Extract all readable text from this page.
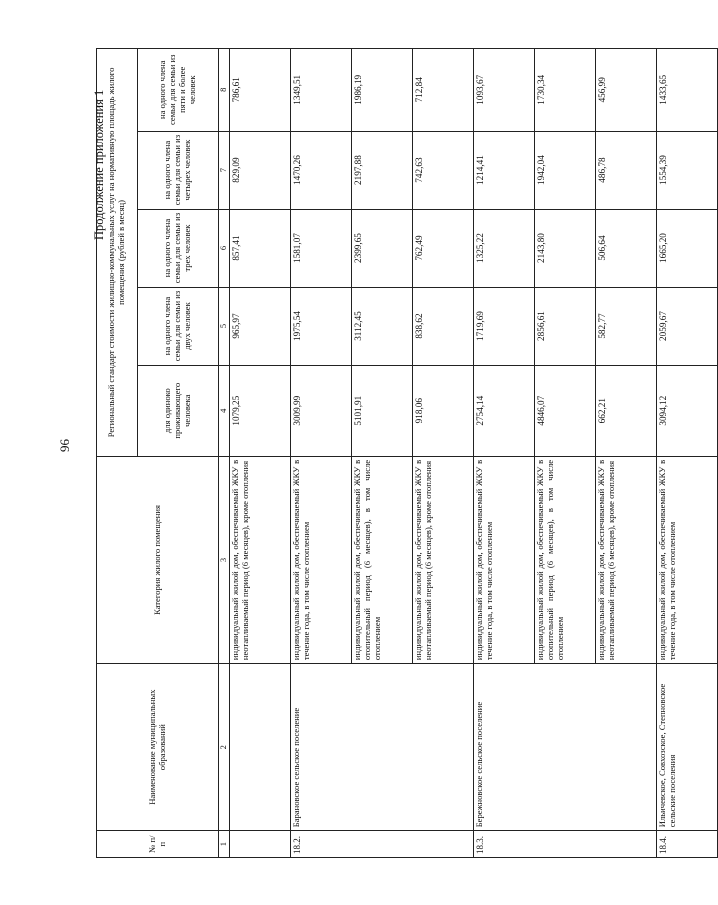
96
Продолжение приложения 1
№ п/п	Наименование муниципальных образований	Категория жилого помещения	Региональный стандарт стоимости жилищно-коммунальных услуг на нормативную площадь жилого помещения (рублей в месяц)				
			для одиноко проживающего человека	на одного члена семьи для семьи из двух человек	на одного члена семьи для семьи из трех человек	на одного члена семьи для семьи из четырех человек	на одного члена семьи для семьи из пяти и более человек
1	2	3	4	5	6	7	8
		индивидуальный жилой дом, обеспечиваемый ЖКУ в неотапливаемый период (6 месяцев), кроме отопления	1079,25	965,97	857,41	829,09	786,61
18.2.	Барановское сельское поселение	индивидуальный жилой дом, обеспечиваемый ЖКУ в течение года, в том числе отоплением	3009,99	1975,54	1581,07	1470,26	1349,51
		индивидуальный жилой дом, обеспечиваемый ЖКУ в отопительный период (6 месяцев), в том числе отоплением	5101,91	3112,45	2399,65	2197,88	1986,19
		индивидуальный жилой дом, обеспечиваемый ЖКУ в неотапливаемый период (6 месяцев), кроме отопления	918,06	838,62	762,49	742,63	712,84
18.3.	Бережновское сельское поселение	индивидуальный жилой дом, обеспечиваемый ЖКУ в течение года, в том числе отоплением	2754,14	1719,69	1325,22	1214,41	1093,67
		индивидуальный жилой дом, обеспечиваемый ЖКУ в отопительный период (6 месяцев), в том числе отоплением	4846,07	2856,61	2143,80	1942,04	1730,34
		индивидуальный жилой дом, обеспечиваемый ЖКУ в неотапливаемый период (6 месяцев), кроме отопления	662,21	582,77	506,64	486,78	456,99
18.4.	Ильичевское, Совхозское, Степновское сельские поселения	индивидуальный жилой дом, обеспечиваемый ЖКУ в течение года, в том числе отоплением	3094,12	2059,67	1665,20	1554,39	1433,65
